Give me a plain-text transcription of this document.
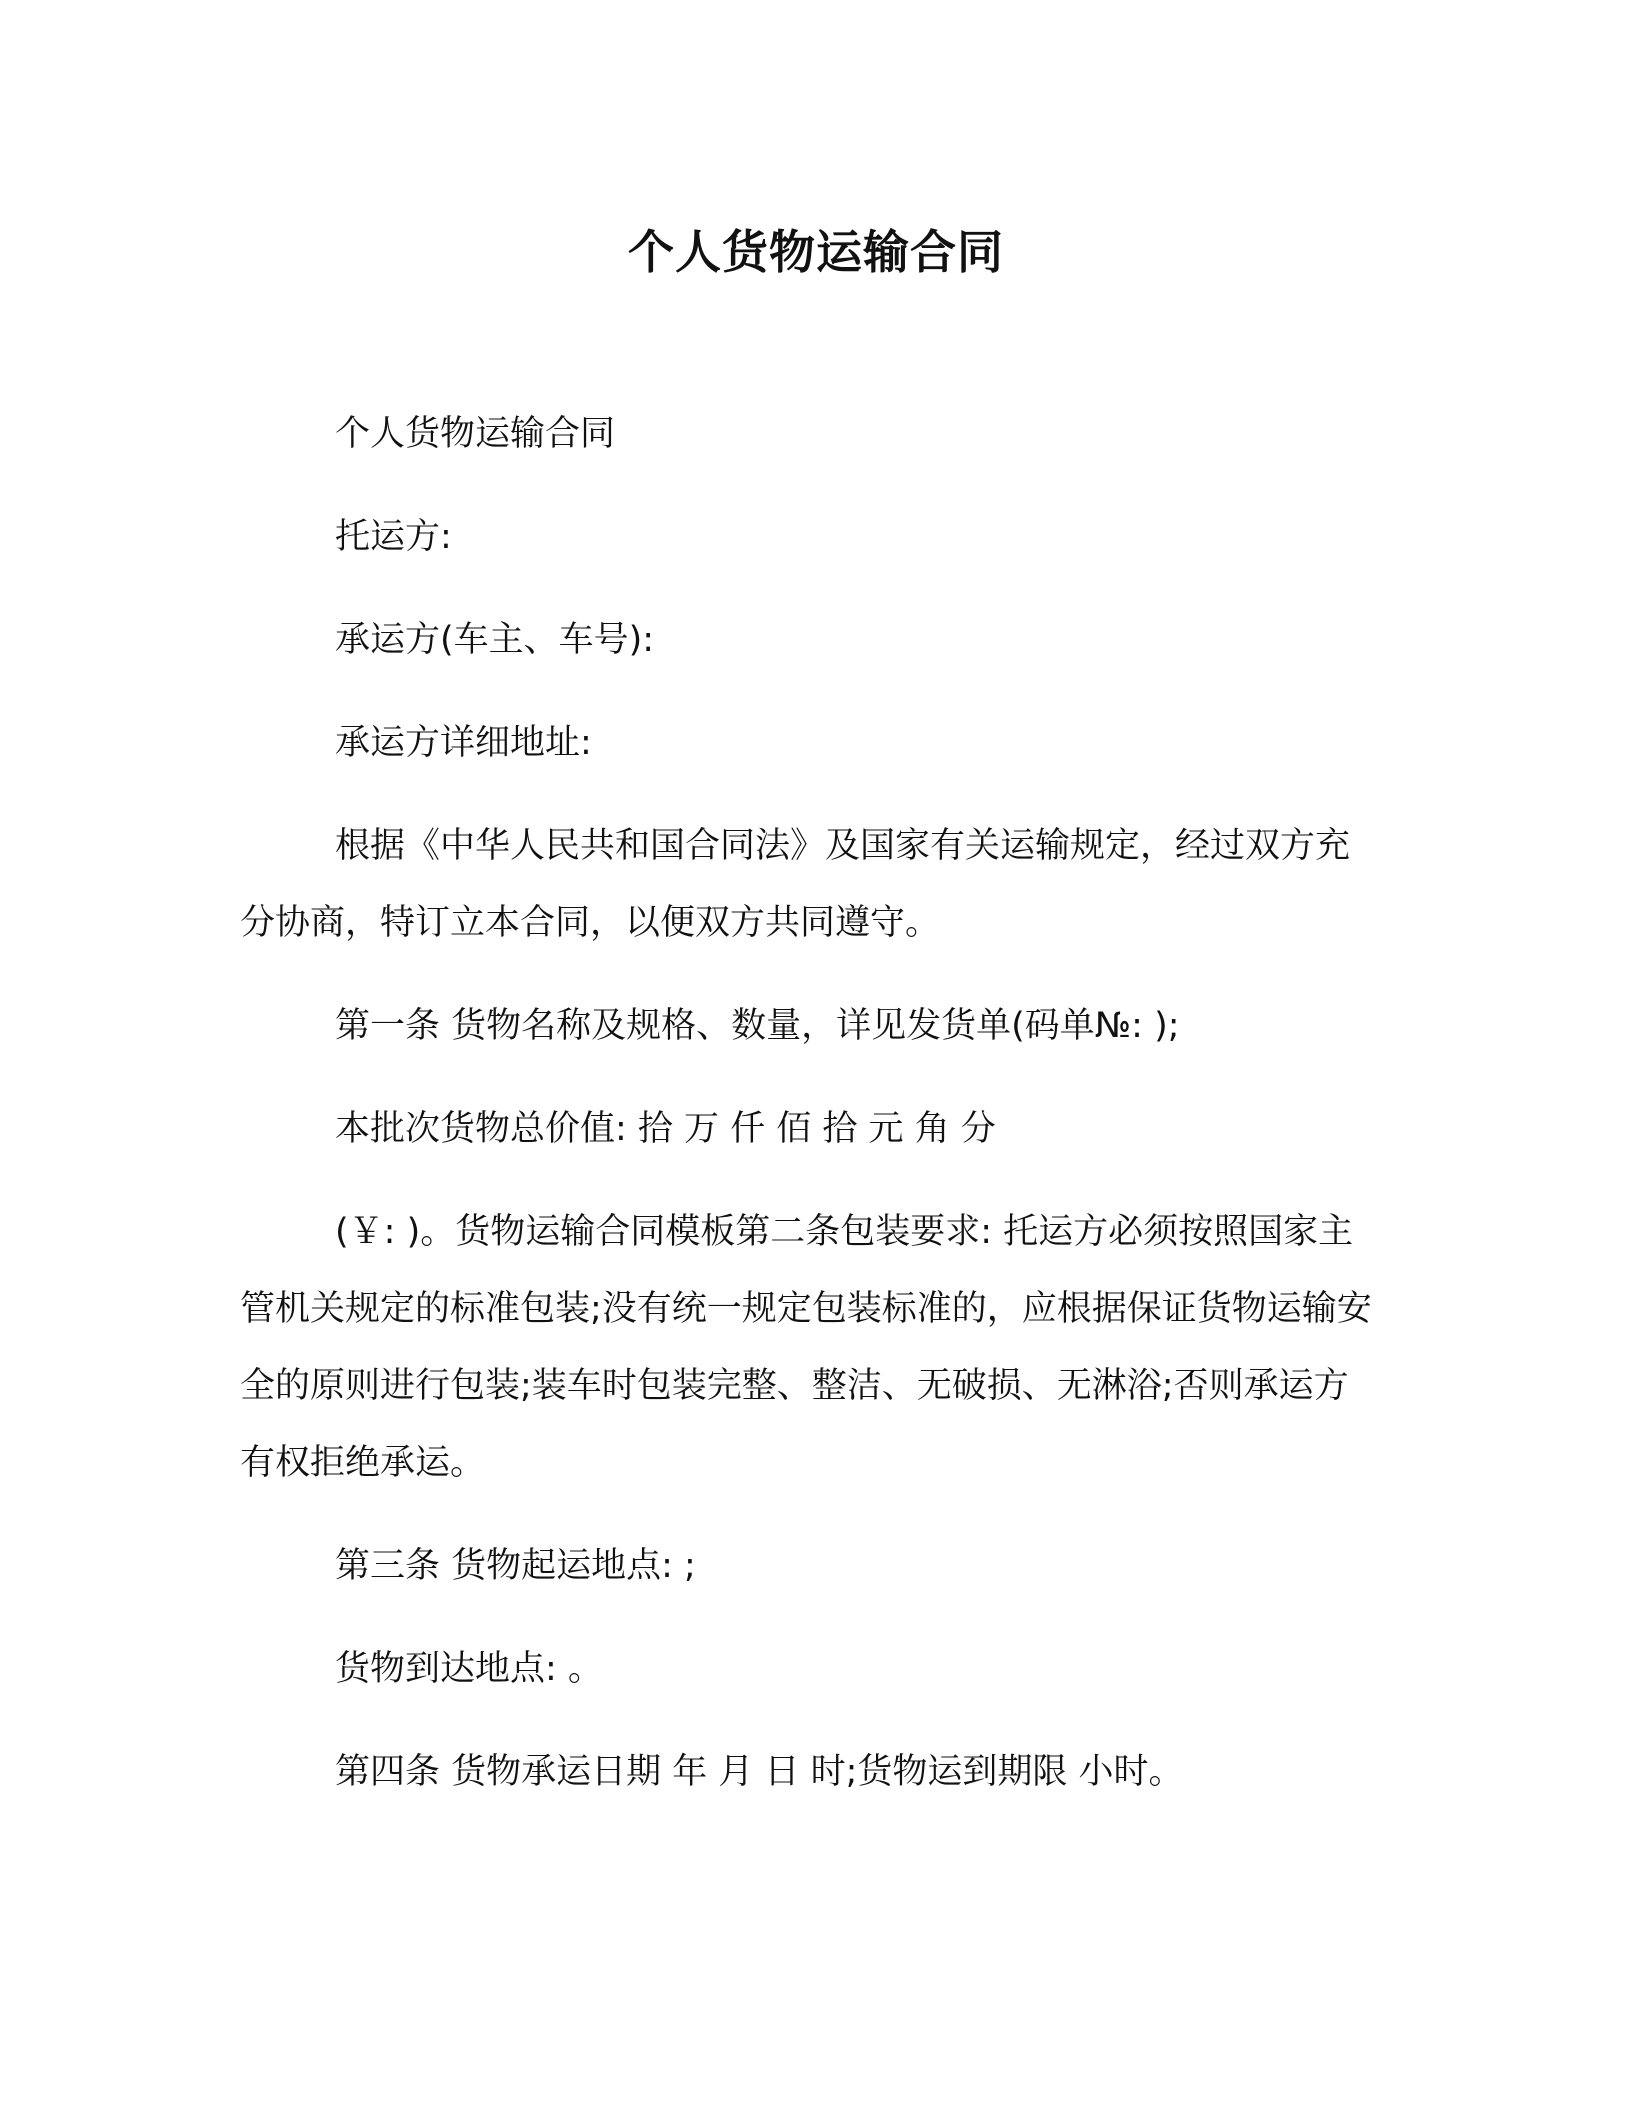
个人货物运输合同

个人货物运输合同

托运方:

承运方(车主、车号):

承运方详细地址:

根据《中华人民共和国合同法》及国家有关运输规定，经过双方充分协商，特订立本合同，以便双方共同遵守。

第一条 货物名称及规格、数量，详见发货单(码单№: );

本批次货物总价值: 拾 万 仟 佰 拾 元 角 分

(￥: )。货物运输合同模板第二条包装要求: 托运方必须按照国家主管机关规定的标准包装;没有统一规定包装标准的，应根据保证货物运输安全的原则进行包装;装车时包装完整、整洁、无破损、无淋浴;否则承运方有权拒绝承运。

第三条 货物起运地点: ;

货物到达地点: 。

第四条 货物承运日期 年 月 日 时;货物运到期限 小时。
